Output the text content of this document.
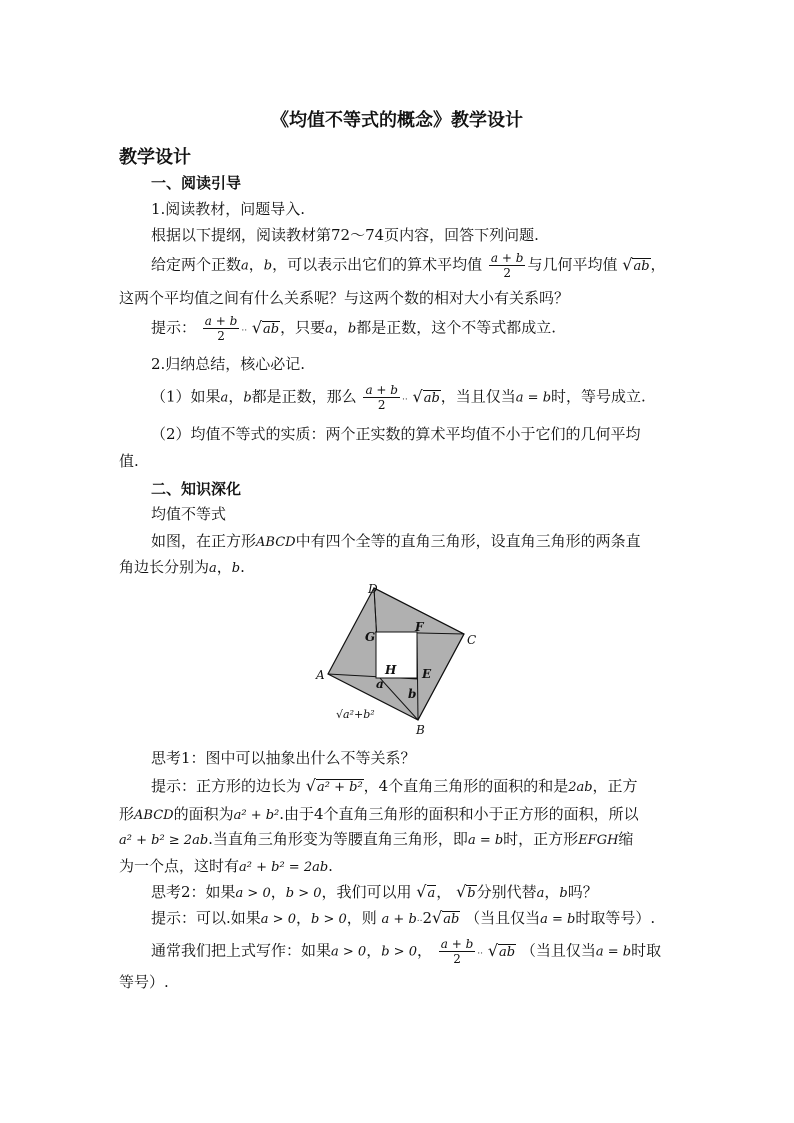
《均值不等式的概念》教学设计
教学设计
一、阅读引导
1.阅读教材，问题导入.
根据以下提纲，阅读教材第72～74页内容，回答下列问题.
给定两个正数a，b，可以表示出它们的算术平均值 $\frac{a + b}{2}$ 与几何平均值 √ab，
这两个平均值之间有什么关系呢？与这两个数的相对大小有关系吗？
提示： $\frac{a + b}{2}$ .. √ab，只要a，b都是正数，这个不等式都成立.
2.归纳总结，核心必记.
（1）如果a，b都是正数，那么 $\frac{a + b}{2}$ .. √ab，当且仅当a = b时，等号成立.
（2）均值不等式的实质：两个正实数的算术平均值不小于它们的几何平均
值.
二、知识深化
均值不等式
如图，在正方形ABCD中有四个全等的直角三角形，设直角三角形的两条直
角边长分别为a，b.
D
C
A
B
G
F
H E
a
b
√a²+b²
思考1：图中可以抽象出什么不等关系？
提示：正方形的边长为 √a² + b²，4个直角三角形的面积的和是2ab，正方
形ABCD的面积为a² + b².由于4个直角三角形的面积和小于正方形的面积，所以
a² + b² ≥ 2ab.当直角三角形变为等腰直角三角形，即a = b时，正方形EFGH缩
为一个点，这时有a² + b² = 2ab.
思考2：如果a > 0，b > 0，我们可以用 √a， √b分别代替a，b吗？
提示：可以.如果a > 0，b > 0，则 a + b..2√ab （当且仅当a = b时取等号）.
通常我们把上式写作：如果a > 0，b > 0， $\frac{a + b}{2}$ .. √ab （当且仅当a = b时取
等号）.
